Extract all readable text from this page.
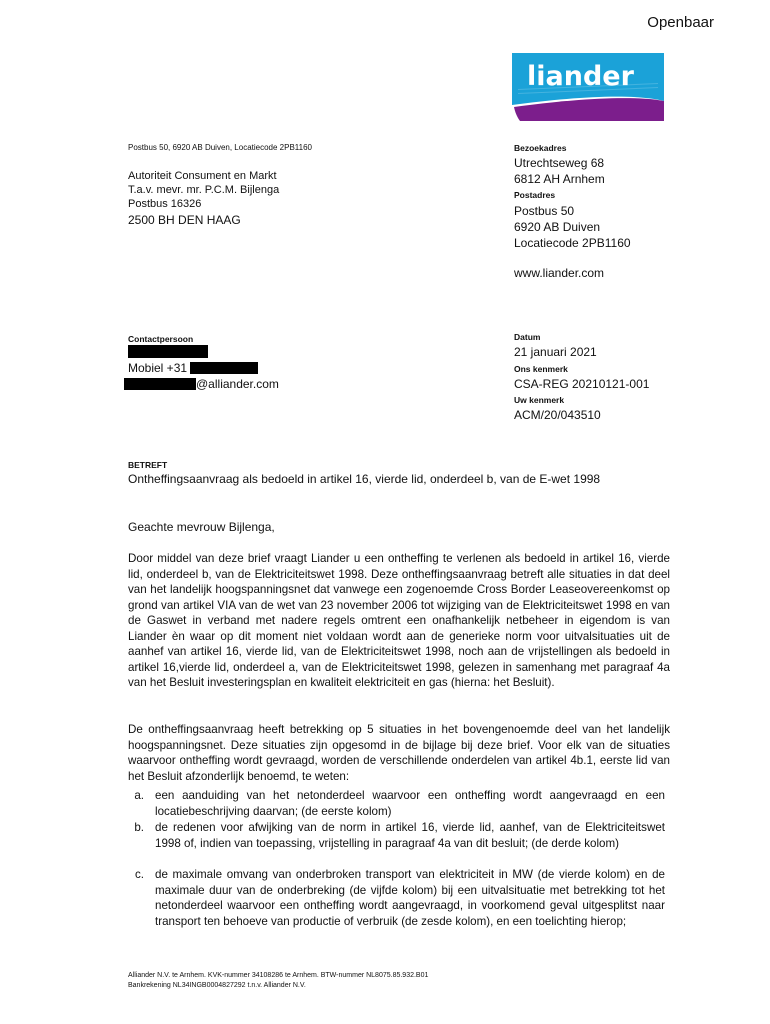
Openbaar
liander
Postbus 50, 6920 AB Duiven, Locatiecode 2PB1160
Autoriteit Consument en Markt
T.a.v. mevr. mr. P.C.M. Bijlenga
Postbus 16326
2500 BH DEN HAAG
Bezoekadres
Utrechtseweg 68
6812 AH Arnhem
Postadres
Postbus 50
6920 AB Duiven
Locatiecode 2PB1160
www.liander.com
Contactpersoon
Mobiel +31
@alliander.com
Datum
21 januari 2021
Ons kenmerk
CSA-REG 20210121-001
Uw kenmerk
ACM/20/043510
BETREFT
Ontheffingsaanvraag als bedoeld in artikel 16, vierde lid, onderdeel b, van de E-wet 1998
Geachte mevrouw Bijlenga,
Door middel van deze brief vraagt Liander u een ontheffing te verlenen als bedoeld in artikel 16, vierde lid, onderdeel b, van de Elektriciteitswet 1998. Deze ontheffingsaanvraag betreft alle situaties in dat deel van het landelijk hoogspanningsnet dat vanwege een zogenoemde Cross Border Leaseovereenkomst op grond van artikel VIA van de wet van 23 november 2006 tot wijziging van de Elektriciteitswet 1998 en van de Gaswet in verband met nadere regels omtrent een onafhankelijk netbeheer in eigendom is van Liander èn waar op dit moment niet voldaan wordt aan de generieke norm voor uitvalsituaties uit de aanhef van artikel 16, vierde lid, van de Elektriciteitswet 1998, noch aan de vrijstellingen als bedoeld in artikel 16,vierde lid, onderdeel a, van de Elektriciteitswet 1998, gelezen in samenhang met paragraaf 4a van het Besluit investeringsplan en kwaliteit elektriciteit en gas (hierna: het Besluit).
De ontheffingsaanvraag heeft betrekking op 5 situaties in het bovengenoemde deel van het landelijk hoogspanningsnet. Deze situaties zijn opgesomd in de bijlage bij deze brief. Voor elk van de situaties waarvoor ontheffing wordt gevraagd, worden de verschillende onderdelen van artikel 4b.1, eerste lid van het Besluit afzonderlijk benoemd, te weten:
a. een aanduiding van het netonderdeel waarvoor een ontheffing wordt aangevraagd en een locatiebeschrijving daarvan; (de eerste kolom)
b. de redenen voor afwijking van de norm in artikel 16, vierde lid, aanhef, van de Elektriciteitswet 1998 of, indien van toepassing, vrijstelling in paragraaf 4a van dit besluit; (de derde kolom)
c. de maximale omvang van onderbroken transport van elektriciteit in MW (de vierde kolom) en de maximale duur van de onderbreking (de vijfde kolom) bij een uitvalsituatie met betrekking tot het netonderdeel waarvoor een ontheffing wordt aangevraagd, in voorkomend geval uitgesplitst naar transport ten behoeve van productie of verbruik (de zesde kolom), en een toelichting hierop;
Alliander N.V. te Arnhem. KVK-nummer 34108286 te Arnhem. BTW-nummer NL8075.85.932.B01
Bankrekening NL34INGB0004827292 t.n.v. Alliander N.V.
